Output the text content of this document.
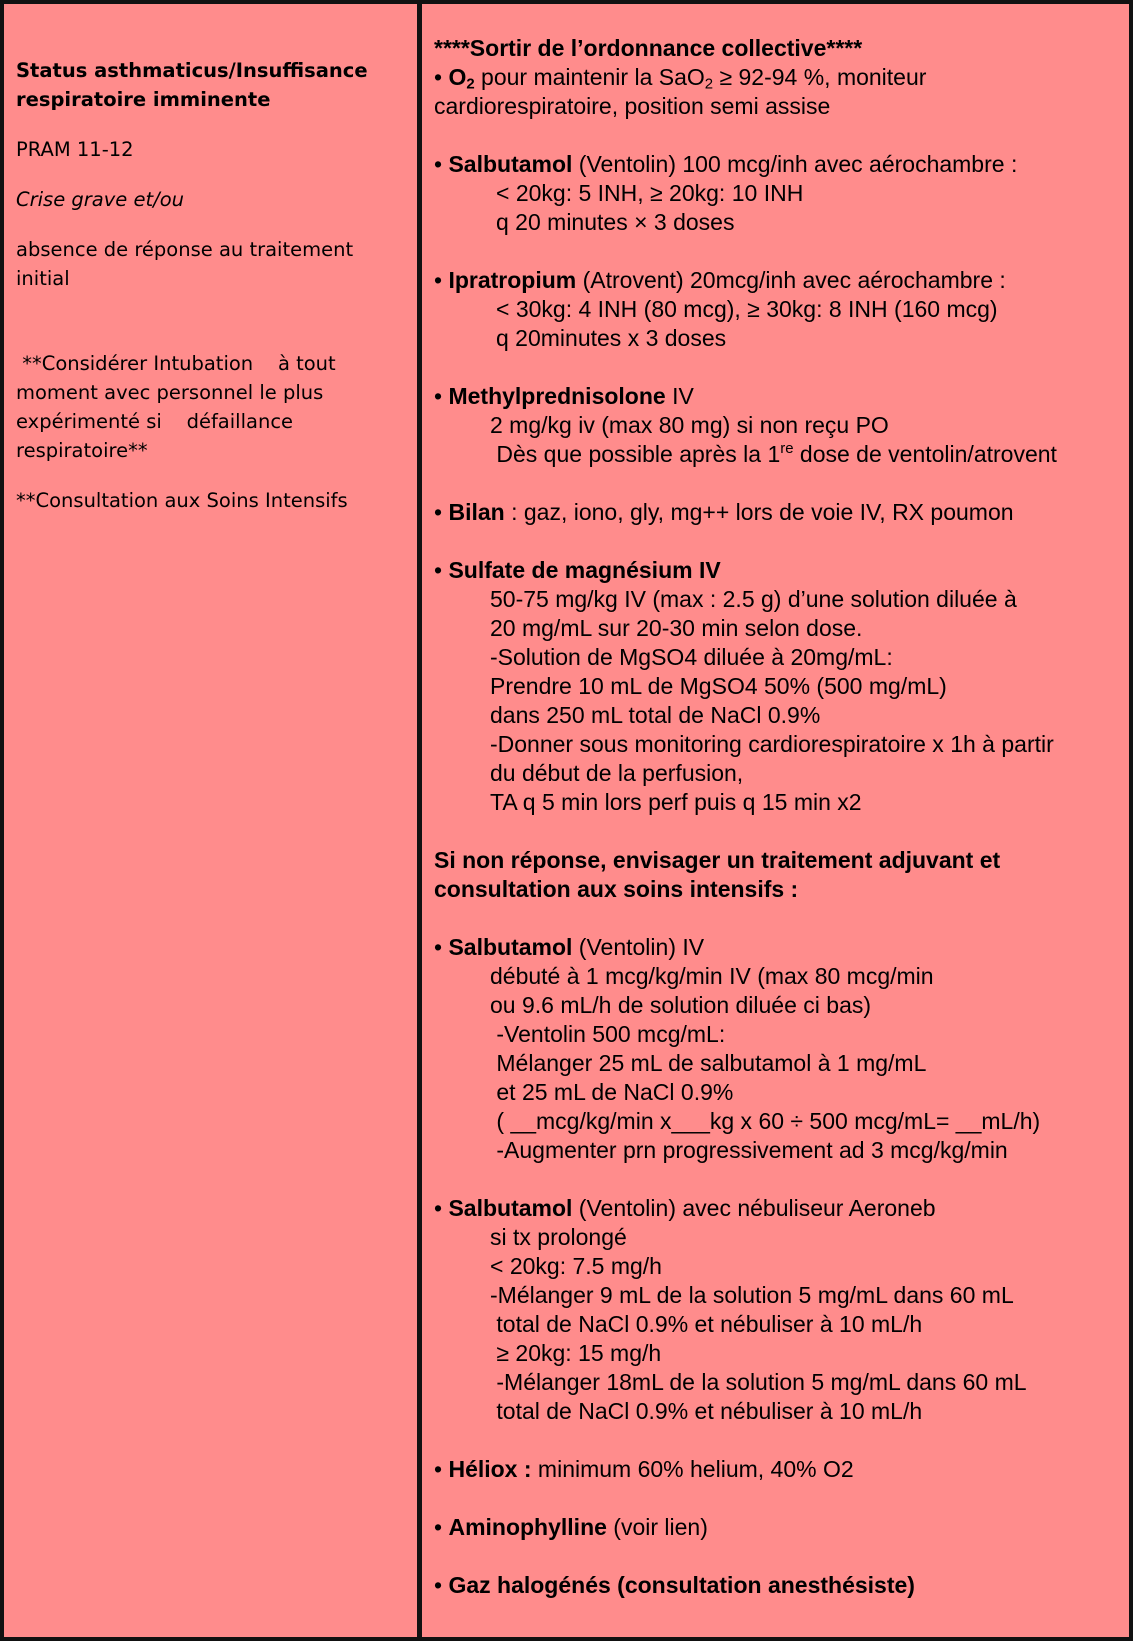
Status asthmaticus/Insuffisance respiratoire imminente

PRAM 11-12

Crise grave et/ou

absence de réponse au traitement initial

**Considérer Intubation    à tout moment avec personnel le plus expérimenté si    défaillance respiratoire**

**Consultation aux Soins Intensifs

****Sortir de l’ordonnance collective****
• $O_2$ pour maintenir la SaO$_2$ ≥ 92-94 %, moniteur
cardiorespiratoire, position semi assise
• Salbutamol (Ventolin) 100 mcg/inh avec aérochambre :
< 20kg: 5 INH, ≥ 20kg: 10 INH
q 20 minutes × 3 doses
• Ipratropium (Atrovent) 20mcg/inh avec aérochambre :
< 30kg: 4 INH (80 mcg), ≥ 30kg: 8 INH (160 mcg)
q 20minutes x 3 doses
• Methylprednisolone IV
2 mg/kg iv (max 80 mg) si non reçu PO
Dès que possible après la 1re dose de ventolin/atrovent
• Bilan : gaz, iono, gly, mg++ lors de voie IV, RX poumon
• Sulfate de magnésium IV
50-75 mg/kg IV (max : 2.5 g) d’une solution diluée à
20 mg/mL sur 20-30 min selon dose.
-Solution de MgSO4 diluée à 20mg/mL:
Prendre 10 mL de MgSO4 50% (500 mg/mL)
dans 250 mL total de NaCl 0.9%
-Donner sous monitoring cardiorespiratoire x 1h à partir
du début de la perfusion,
TA q 5 min lors perf puis q 15 min x2
Si non réponse, envisager un traitement adjuvant et
consultation aux soins intensifs :
• Salbutamol (Ventolin) IV
débuté à 1 mcg/kg/min IV (max 80 mcg/min
ou 9.6 mL/h de solution diluée ci bas)
-Ventolin 500 mcg/mL:
Mélanger 25 mL de salbutamol à 1 mg/mL
et 25 mL de NaCl 0.9%
( __mcg/kg/min x___kg x 60 ÷ 500 mcg/mL= __mL/h)
-Augmenter prn progressivement ad 3 mcg/kg/min
• Salbutamol (Ventolin) avec nébuliseur Aeroneb
si tx prolongé
< 20kg: 7.5 mg/h
-Mélanger 9 mL de la solution 5 mg/mL dans 60 mL
total de NaCl 0.9% et nébuliser à 10 mL/h
≥ 20kg: 15 mg/h
-Mélanger 18mL de la solution 5 mg/mL dans 60 mL
total de NaCl 0.9% et nébuliser à 10 mL/h
• Héliox : minimum 60% helium, 40% O2
• Aminophylline (voir lien)
• Gaz halogénés (consultation anesthésiste)
